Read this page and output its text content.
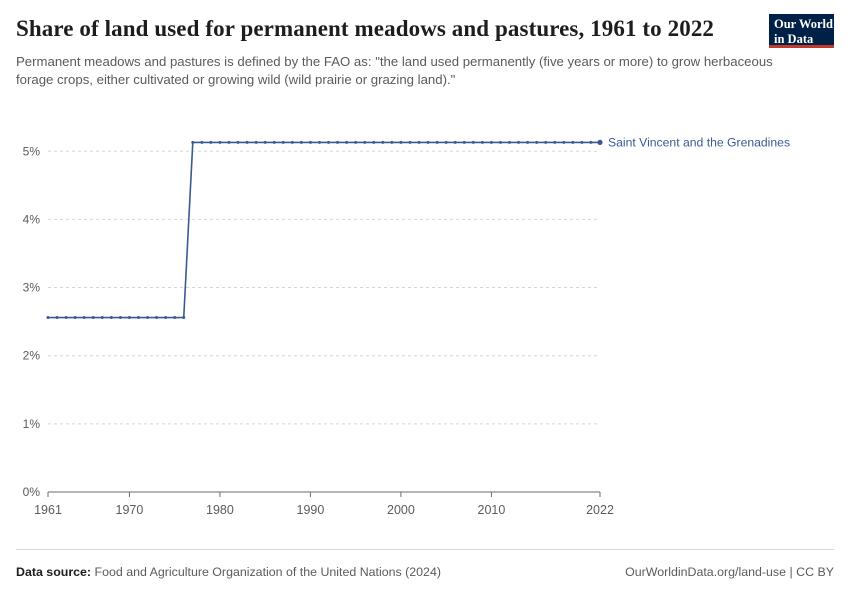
Share of land used for permanent meadows and pastures, 1961 to 2022

Permanent meadows and pastures is defined by the FAO as: "the land used permanently (five years or more) to grow herbaceous forage crops, either cultivated or growing wild (wild prairie or grazing land)."

Our World
in Data
0%
1%
2%
3%
4%
5%
1961	1970	1980	1990	2000	2010	2022
Saint Vincent and the Grenadines
Data source: Food and Agriculture Organization of the United Nations (2024)	OurWorldinData.org/land-use | CC BY
